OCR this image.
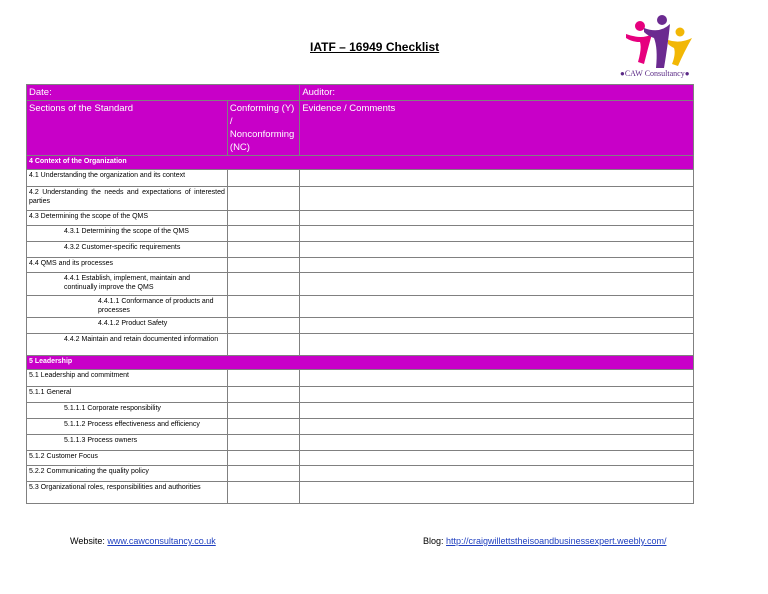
IATF – 16949 Checklist
●CAW Consultancy●
Date:		Auditor:
Sections of the Standard	Conforming (Y) / Nonconforming (NC)	Evidence / Comments
4 Context of the Organization		
4.1 Understanding the organization and its context		
4.2 Understanding the needs and expectations of interested parties		
4.3 Determining the scope of the QMS		
4.3.1 Determining the scope of the QMS		
4.3.2 Customer-specific requirements		
4.4 QMS and its processes		
4.4.1 Establish, implement, maintain and continually improve the QMS		
4.4.1.1 Conformance of products and processes		
4.4.1.2 Product Safety		
4.4.2 Maintain and retain documented information		
5 Leadership		
5.1 Leadership and commitment		
5.1.1 General		
5.1.1.1 Corporate responsibility		
5.1.1.2 Process effectiveness and efficiency		
5.1.1.3 Process owners		
5.1.2 Customer Focus		
5.2.2 Communicating the quality policy		
5.3 Organizational roles, responsibilities and authorities		
Website: www.cawconsultancy.co.uk	Blog: http://craigwillettstheisoandbusinessexpert.weebly.com/
